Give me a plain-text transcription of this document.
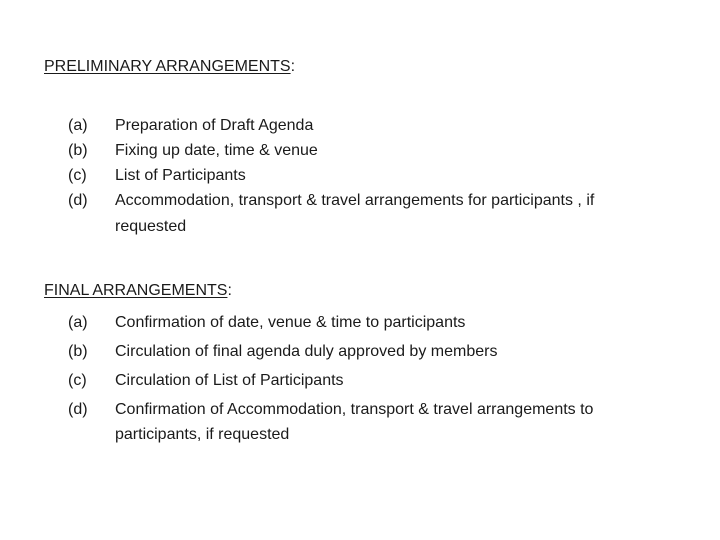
PRELIMINARY ARRANGEMENTS:
(a)	Preparation of Draft Agenda
(b)	Fixing up date, time & venue
(c)	List of Participants
(d)	Accommodation, transport & travel arrangements for participants , if
requested
FINAL ARRANGEMENTS:
(a)	Confirmation of date, venue & time to participants
(b)	Circulation of final agenda duly approved by members
(c)	Circulation of List of Participants
(d)	Confirmation of Accommodation, transport & travel arrangements to
participants, if requested
